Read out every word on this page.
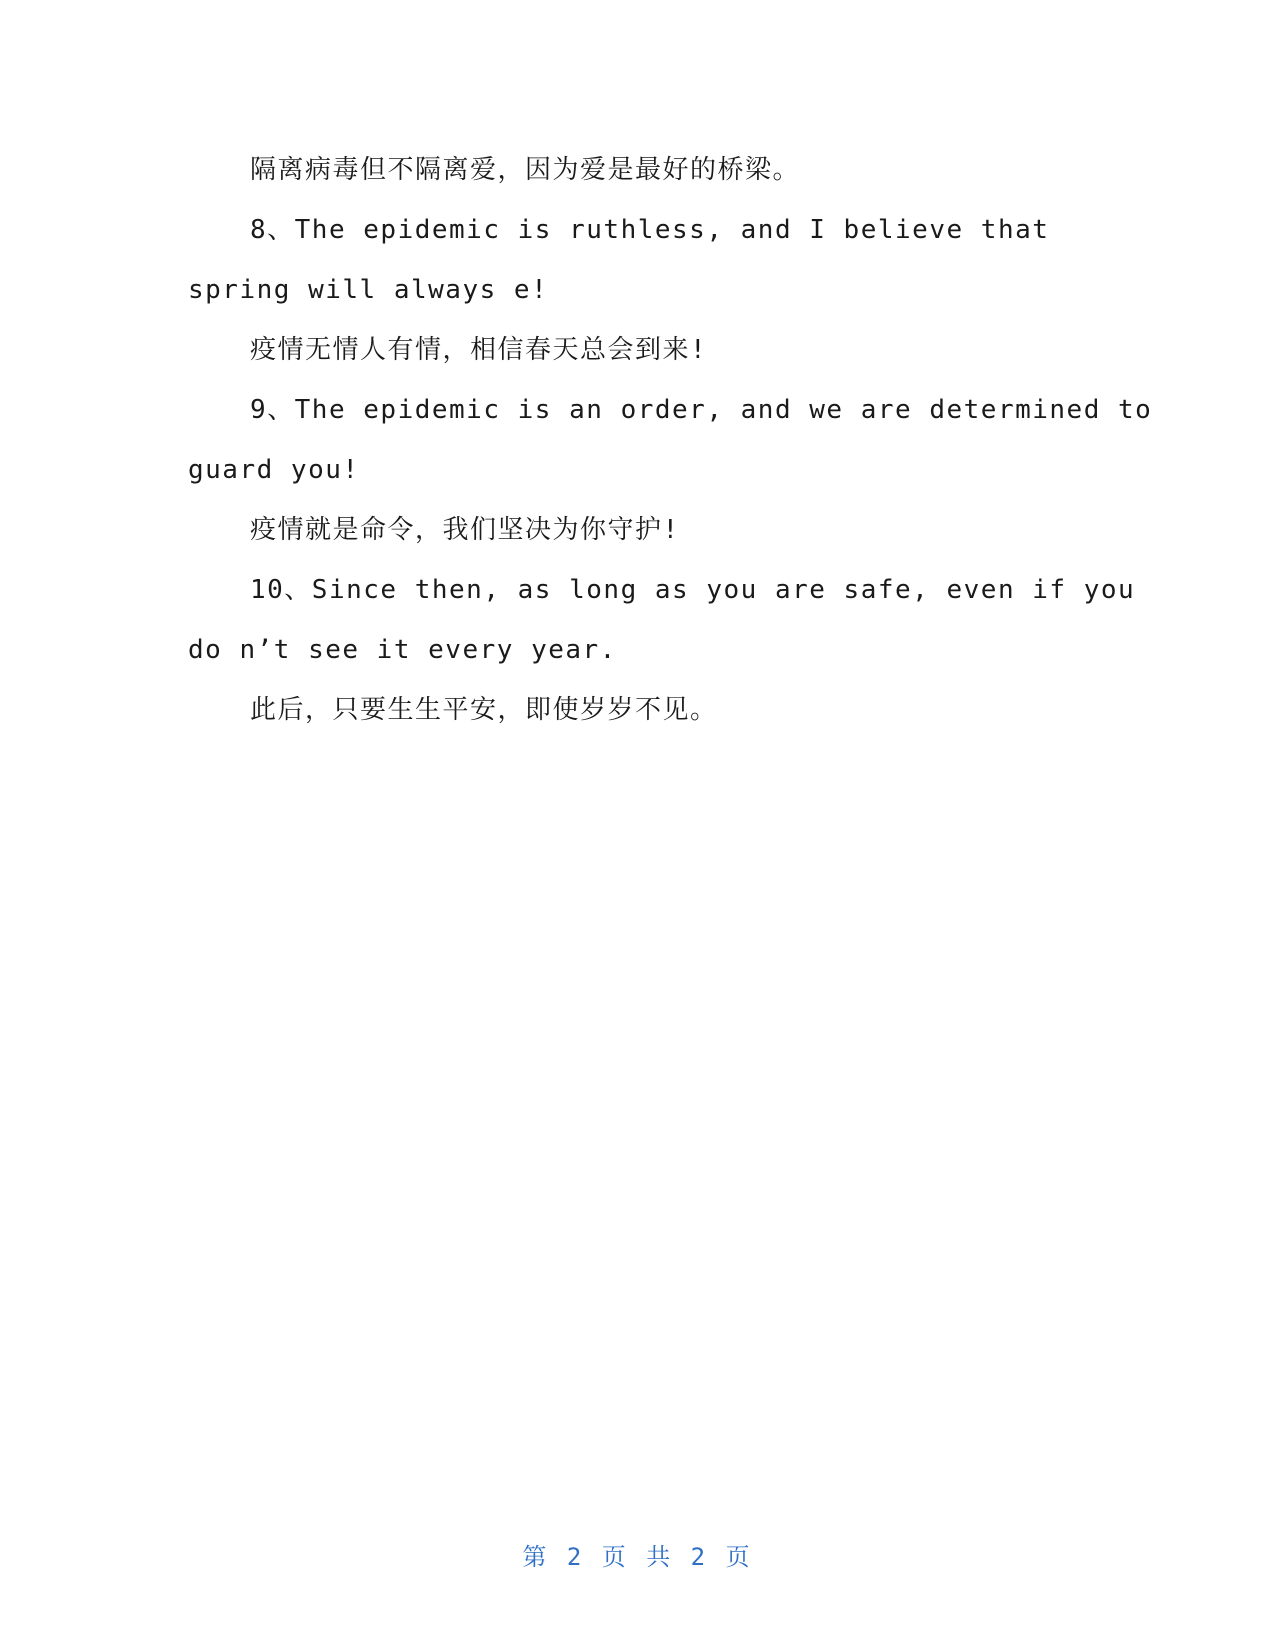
隔离病毒但不隔离爱，因为爱是最好的桥梁。

8、The epidemic is ruthless, and I believe that

spring will always e!

疫情无情人有情，相信春天总会到来!

9、The epidemic is an order, and we are determined to

guard you!

疫情就是命令，我们坚决为你守护!

10、Since then, as long as you are safe, even if you

do n’t see it every year.

此后，只要生生平安，即使岁岁不见。

第 2 页 共 2 页
